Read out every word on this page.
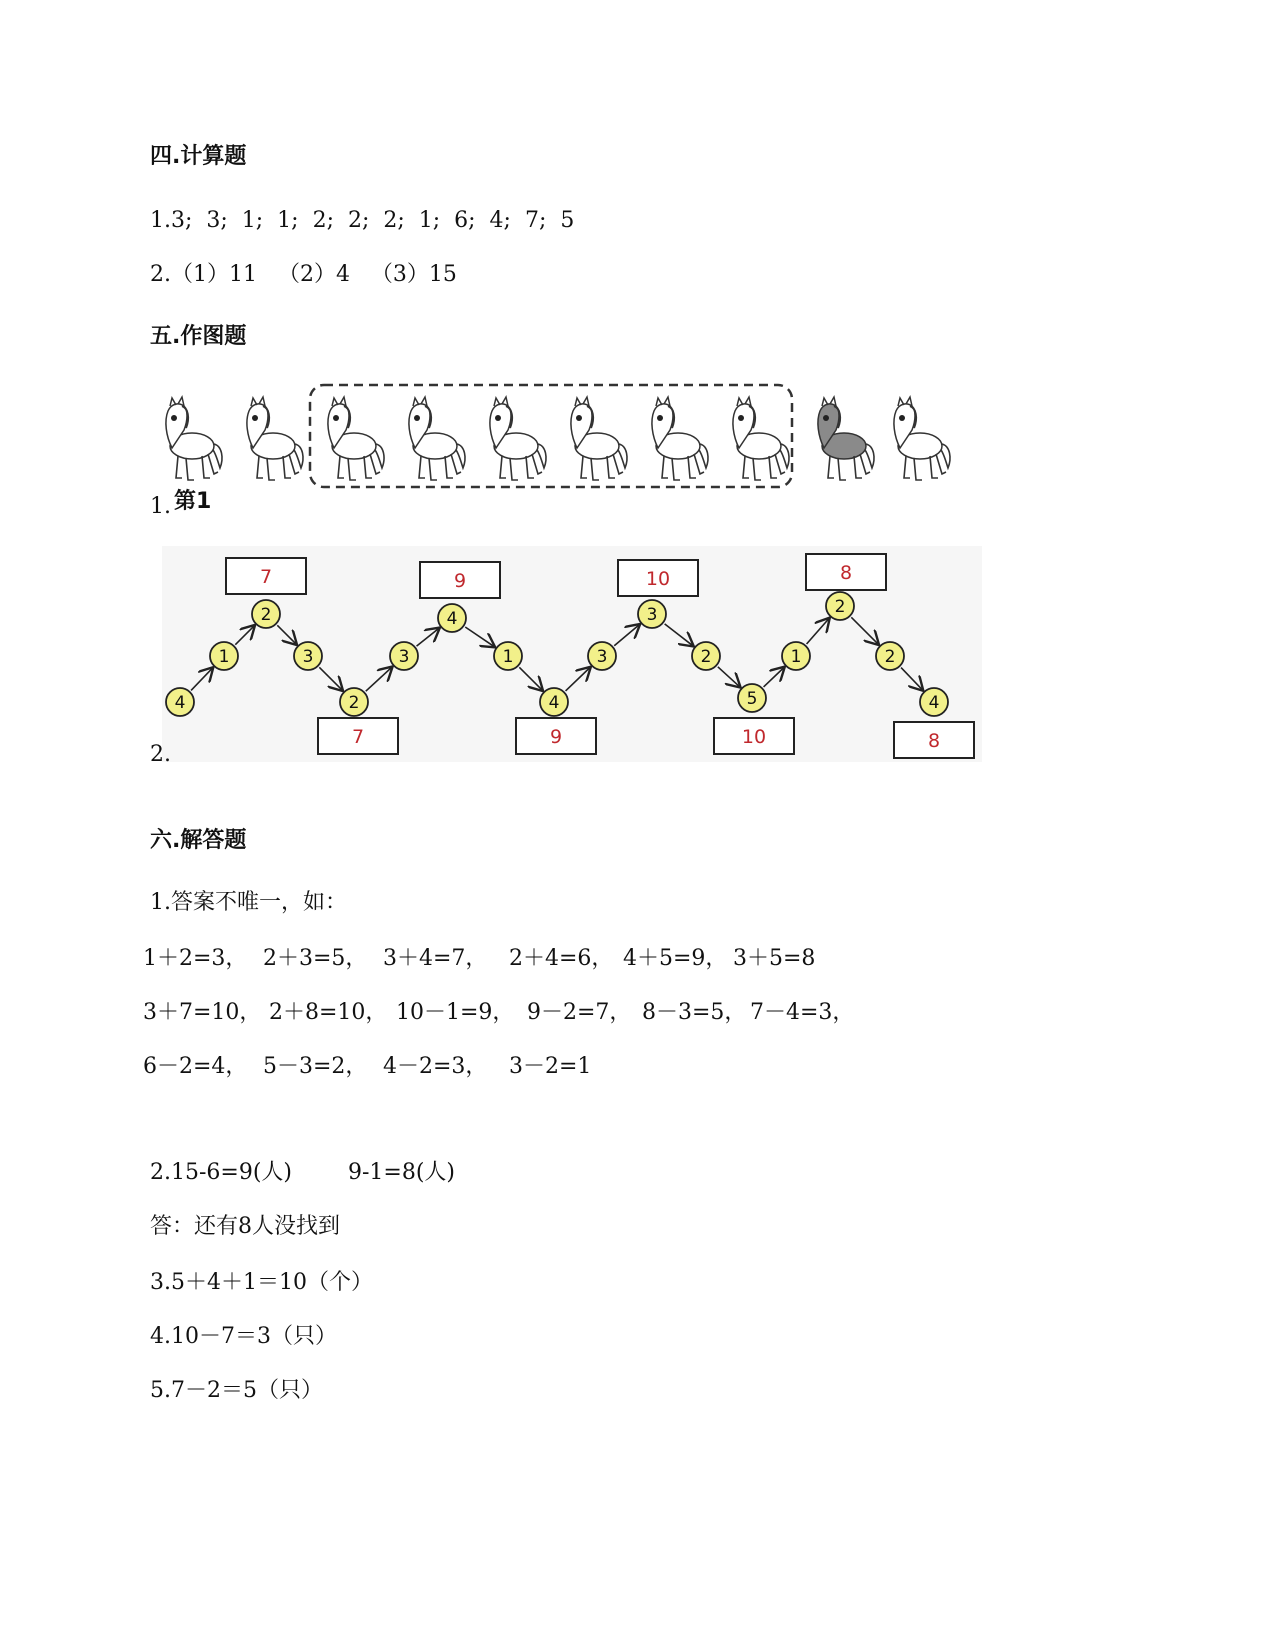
四.计算题
1.3;  3;  1;  1;  2;  2;  2;  1;  6;  4;  7;  5
2.（1）11   （2）4   （3）15
五.作图题
1. 第1
4
1
2
3
2
3
4
1
4
3
3
2
5
1
2
2
4
7	9	10	8
7	9	10	8
2.
六.解答题
1.答案不唯一，如：
1＋2=3， 2＋3=5， 3＋4=7， 2＋4=6， 4＋5=9， 3＋5=8
3＋7=10， 2＋8=10， 10－1=9， 9－2=7， 8－3=5， 7－4=3，
6－2=4， 5－3=2， 4－2=3， 3－2=1
2.15-6=9(人)        9-1=8(人)
答：还有8人没找到
3.5＋4＋1＝10（个）
4.10－7＝3（只）
5.7－2＝5（只）
